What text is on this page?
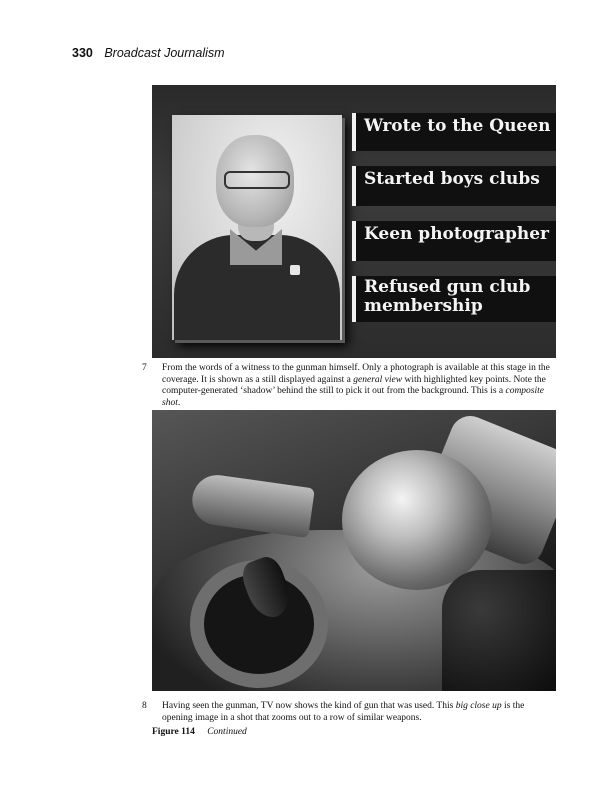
330 Broadcast Journalism
Wrote to the Queen
Started boys clubs
Keen photographer
Refused gun club membership
7 From the words of a witness to the gunman himself. Only a photograph is available at this stage in the coverage. It is shown as a still displayed against a general view with highlighted key points. Note the computer-generated ‘shadow’ behind the still to pick it out from the background. This is a composite shot.
8 Having seen the gunman, TV now shows the kind of gun that was used. This big close up is the opening image in a shot that zooms out to a row of similar weapons.
Figure 114 Continued
